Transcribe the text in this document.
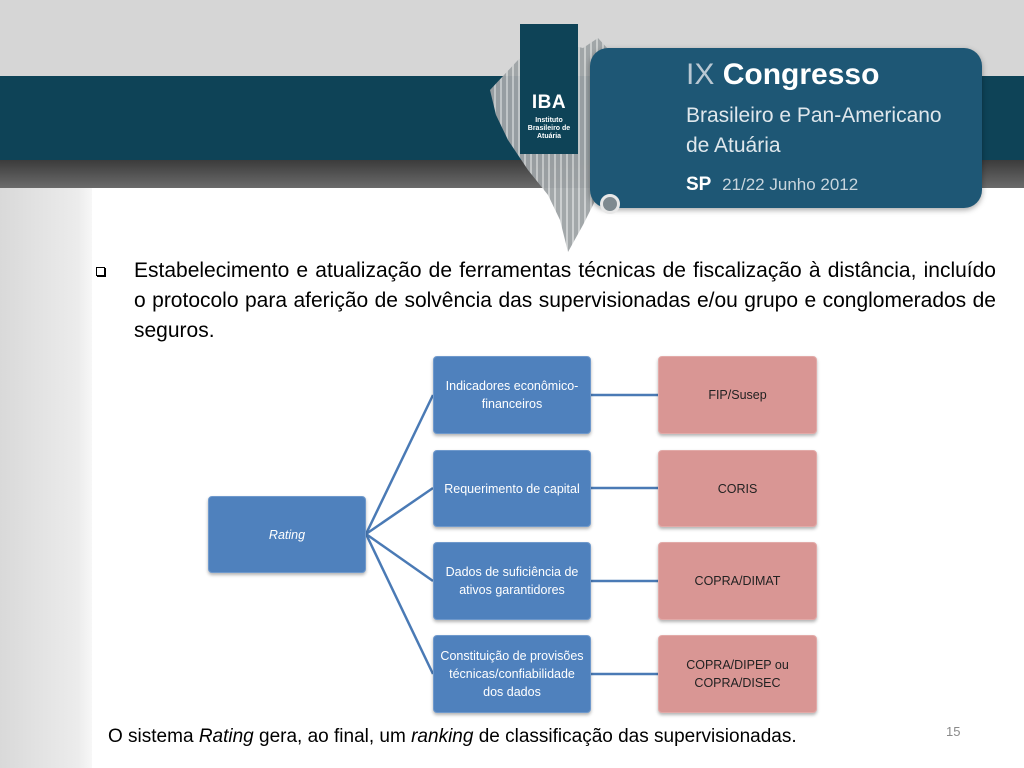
IBA
Instituto Brasileiro de Atuária
IX Congresso
Brasileiro e Pan-Americano
de Atuária
SP 21/22 Junho 2012
Estabelecimento e atualização de ferramentas técnicas de fiscalização à distância, incluído o protocolo para aferição de solvência das supervisionadas e/ou grupo e conglomerados de seguros.
Rating
Indicadores econômico-financeiros
Requerimento de capital
Dados de suficiência de ativos garantidores
Constituição de provisões técnicas/confiabilidade dos dados
FIP/Susep
CORIS
COPRA/DIMAT
COPRA/DIPEP ou COPRA/DISEC
O sistema Rating gera, ao final, um ranking de classificação das supervisionadas.	15
